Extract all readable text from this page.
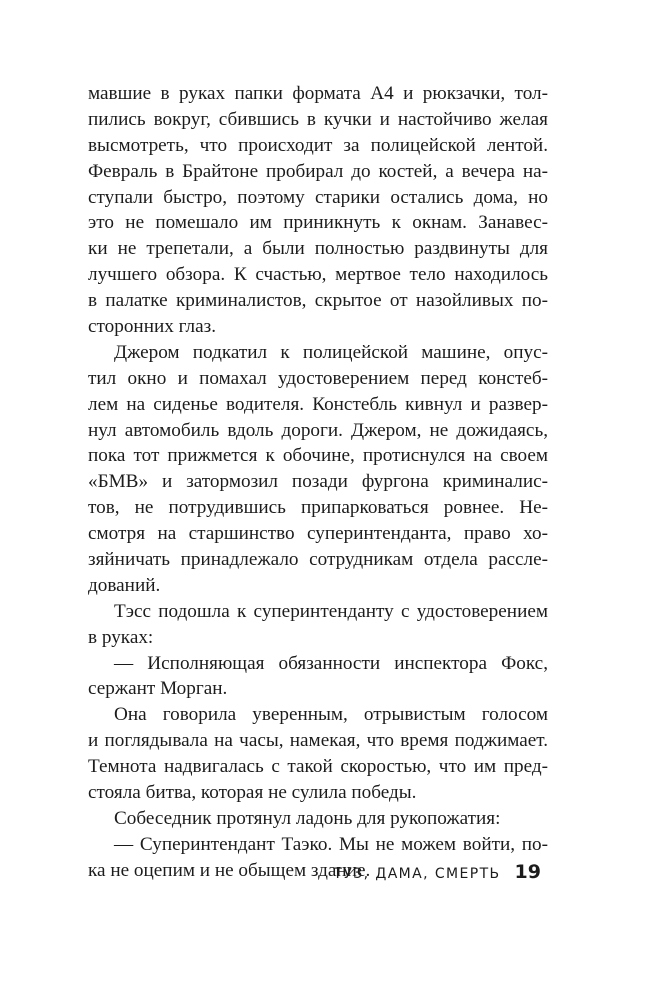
мавшие в руках папки формата А4 и рюкзачки, тол-
пились вокруг, сбившись в кучки и настойчиво желая
высмотреть, что происходит за полицейской лентой.
Февраль в Брайтоне пробирал до костей, а вечера на-
ступали быстро, поэтому старики остались дома, но
это не помешало им приникнуть к окнам. Занавес-
ки не трепетали, а были полностью раздвинуты для
лучшего обзора. К счастью, мертвое тело находилось
в палатке криминалистов, скрытое от назойливых по-
сторонних глаз.
Джером подкатил к полицейской машине, опус-
тил окно и помахал удостоверением перед констеб-
лем на сиденье водителя. Констебль кивнул и развер-
нул автомобиль вдоль дороги. Джером, не дожидаясь,
пока тот прижмется к обочине, протиснулся на своем
«БМВ» и затормозил позади фургона криминалис-
тов, не потрудившись припарковаться ровнее. Не-
смотря на старшинство суперинтенданта, право хо-
зяйничать принадлежало сотрудникам отдела рассле-
дований.
Тэсс подошла к суперинтенданту с удостоверением
в руках:
— Исполняющая обязанности инспектора Фокс,
сержант Морган.
Она говорила уверенным, отрывистым голосом
и поглядывала на часы, намекая, что время поджимает.
Темнота надвигалась с такой скоростью, что им пред-
стояла битва, которая не сулила победы.
Собеседник протянул ладонь для рукопожатия:
— Суперинтендант Таэко. Мы не можем войти, по-
ка не оцепим и не обыщем здание.
ТУЗ, ДАМА, СМЕРТЬ 19
